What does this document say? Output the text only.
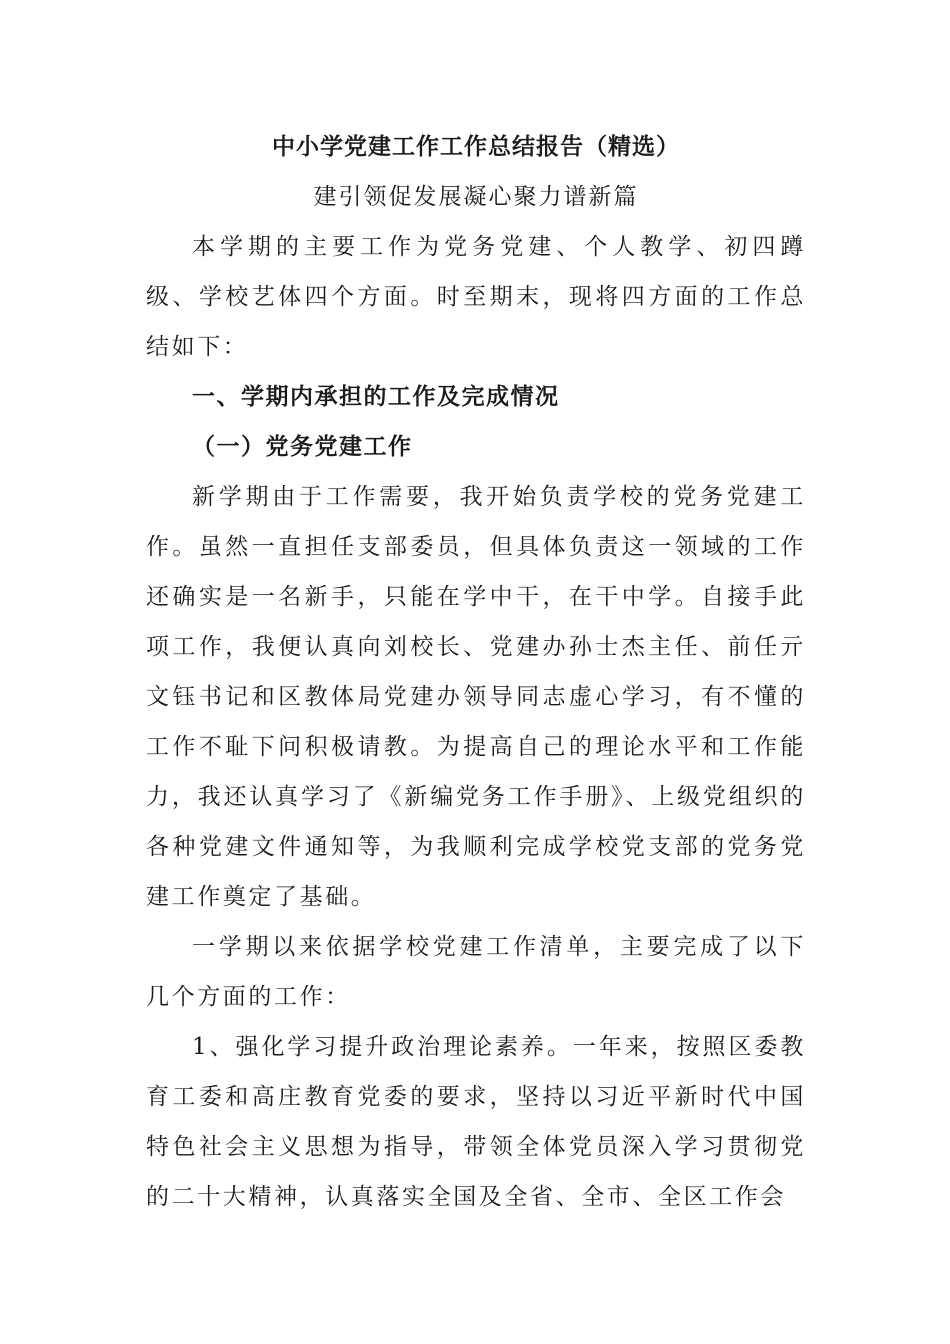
中小学党建工作工作总结报告（精选）

建引领促发展凝心聚力谱新篇

本学期的主要工作为党务党建、个人教学、初四蹲级、学校艺体四个方面。时至期末，现将四方面的工作总结如下：

一、学期内承担的工作及完成情况

（一）党务党建工作

新学期由于工作需要，我开始负责学校的党务党建工作。虽然一直担任支部委员，但具体负责这一领域的工作还确实是一名新手，只能在学中干，在干中学。自接手此项工作，我便认真向刘校长、党建办孙士杰主任、前任亓文钰书记和区教体局党建办领导同志虚心学习，有不懂的工作不耻下问积极请教。为提高自己的理论水平和工作能力，我还认真学习了《新编党务工作手册》、上级党组织的各种党建文件通知等，为我顺利完成学校党支部的党务党建工作奠定了基础。

一学期以来依据学校党建工作清单，主要完成了以下几个方面的工作：

1、强化学习提升政治理论素养。一年来，按照区委教育工委和高庄教育党委的要求，坚持以习近平新时代中国特色社会主义思想为指导，带领全体党员深入学习贯彻党的二十大精神，认真落实全国及全省、全市、全区工作会
